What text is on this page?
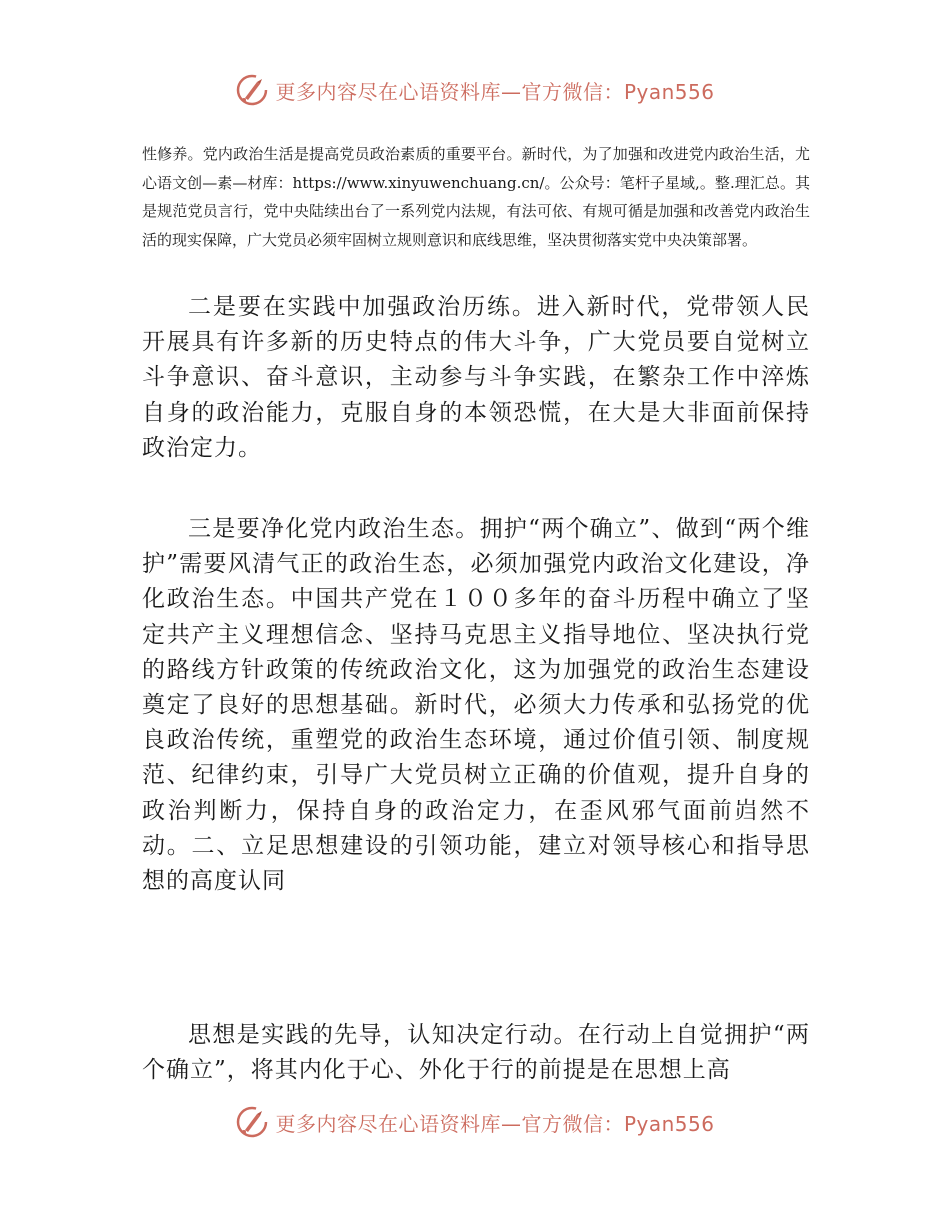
更多内容尽在心语资料库—官方微信：Pyan556

性修养。党内政治生活是提高党员政治素质的重要平台。新时代，为了加强和改进党内政治生活，尤心语文创—素—材库：https://www.xinyuwenchuang.cn/。公众号：笔杆子星域,。整.理汇总。其是规范党员言行，党中央陆续出台了一系列党内法规，有法可依、有规可循是加强和改善党内政治生活的现实保障，广大党员必须牢固树立规则意识和底线思维，坚决贯彻落实党中央决策部署。

二是要在实践中加强政治历练。进入新时代，党带领人民开展具有许多新的历史特点的伟大斗争，广大党员要自觉树立斗争意识、奋斗意识，主动参与斗争实践，在繁杂工作中淬炼自身的政治能力，克服自身的本领恐慌，在大是大非面前保持政治定力。

三是要净化党内政治生态。拥护“两个确立”、做到“两个维护”需要风清气正的政治生态，必须加强党内政治文化建设，净化政治生态。中国共产党在１００多年的奋斗历程中确立了坚定共产主义理想信念、坚持马克思主义指导地位、坚决执行党的路线方针政策的传统政治文化，这为加强党的政治生态建设奠定了良好的思想基础。新时代，必须大力传承和弘扬党的优良政治传统，重塑党的政治生态环境，通过价值引领、制度规范、纪律约束，引导广大党员树立正确的价值观，提升自身的政治判断力，保持自身的政治定力，在歪风邪气面前岿然不动。二、立足思想建设的引领功能，建立对领导核心和指导思想的高度认同

思想是实践的先导，认知决定行动。在行动上自觉拥护“两个确立”，将其内化于心、外化于行的前提是在思想上高

更多内容尽在心语资料库—官方微信：Pyan556
